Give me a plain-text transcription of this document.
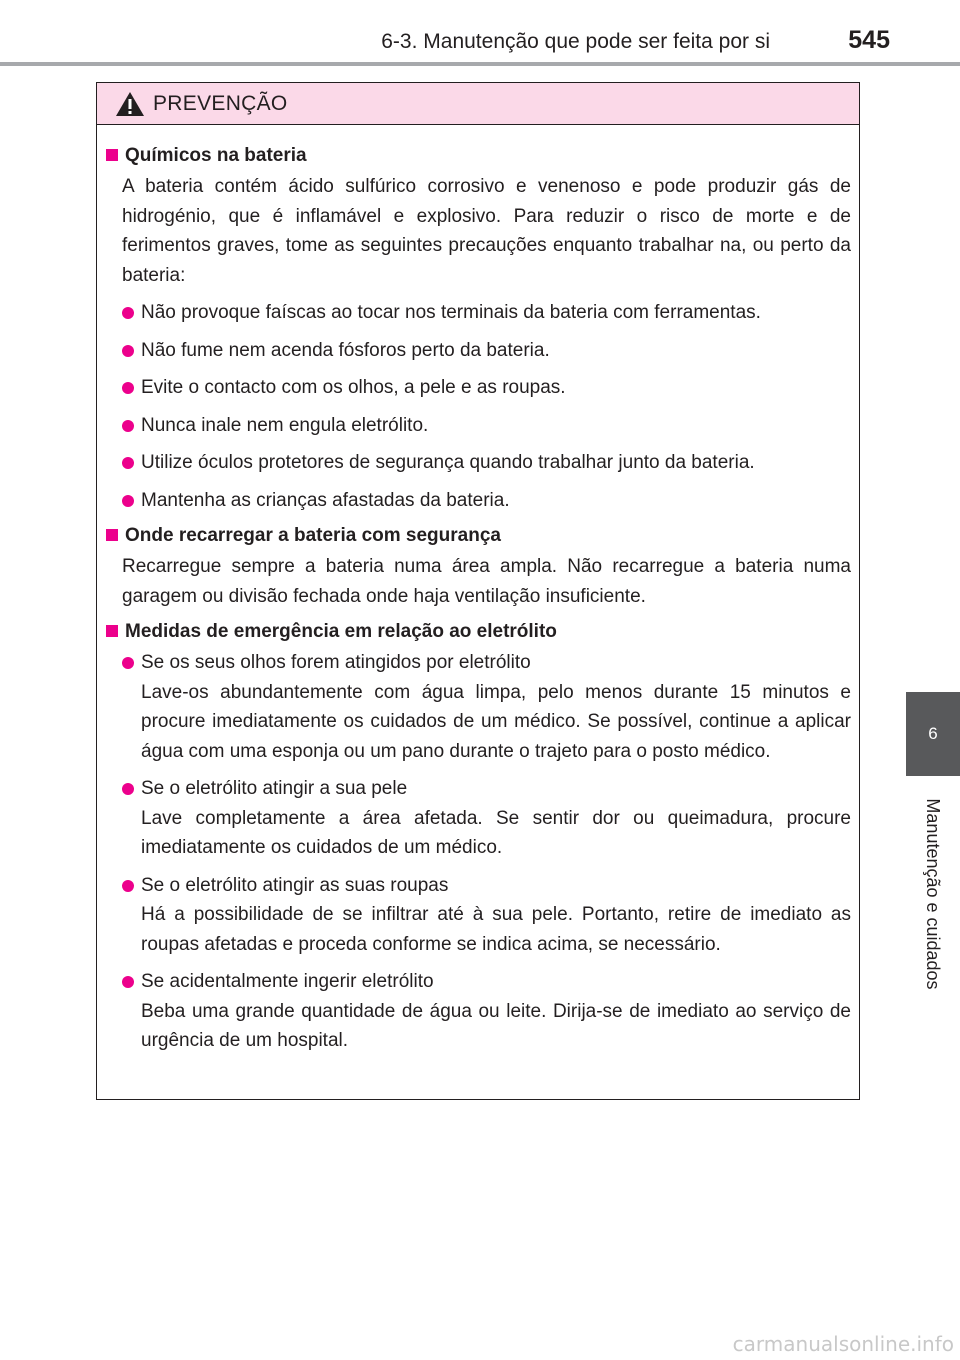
6-3. Manutenção que pode ser feita por si	545
6
Manutenção e cuidados
PREVENÇÃO
Químicos na bateria
A bateria contém ácido sulfúrico corrosivo e venenoso e pode produzir gás de hidrogénio, que é inflamável e explosivo. Para reduzir o risco de morte e de ferimentos graves, tome as seguintes precauções enquanto trabalhar na, ou perto da bateria:
Não provoque faíscas ao tocar nos terminais da bateria com ferramentas.
Não fume nem acenda fósforos perto da bateria.
Evite o contacto com os olhos, a pele e as roupas.
Nunca inale nem engula eletrólito.
Utilize óculos protetores de segurança quando trabalhar junto da bateria.
Mantenha as crianças afastadas da bateria.
Onde recarregar a bateria com segurança
Recarregue sempre a bateria numa área ampla. Não recarregue a bateria numa garagem ou divisão fechada onde haja ventilação insuficiente.
Medidas de emergência em relação ao eletrólito
Se os seus olhos forem atingidos por eletrólito
Lave-os abundantemente com água limpa, pelo menos durante 15 minutos e procure imediatamente os cuidados de um médico. Se possível, continue a aplicar água com uma esponja ou um pano durante o trajeto para o posto médico.
Se o eletrólito atingir a sua pele
Lave completamente a área afetada. Se sentir dor ou queimadura, procure imediatamente os cuidados de um médico.
Se o eletrólito atingir as suas roupas
Há a possibilidade de se infiltrar até à sua pele. Portanto, retire de imediato as roupas afetadas e proceda conforme se indica acima, se necessário.
Se acidentalmente ingerir eletrólito
Beba uma grande quantidade de água ou leite. Dirija-se de imediato ao serviço de urgência de um hospital.
carmanualsonline.info
